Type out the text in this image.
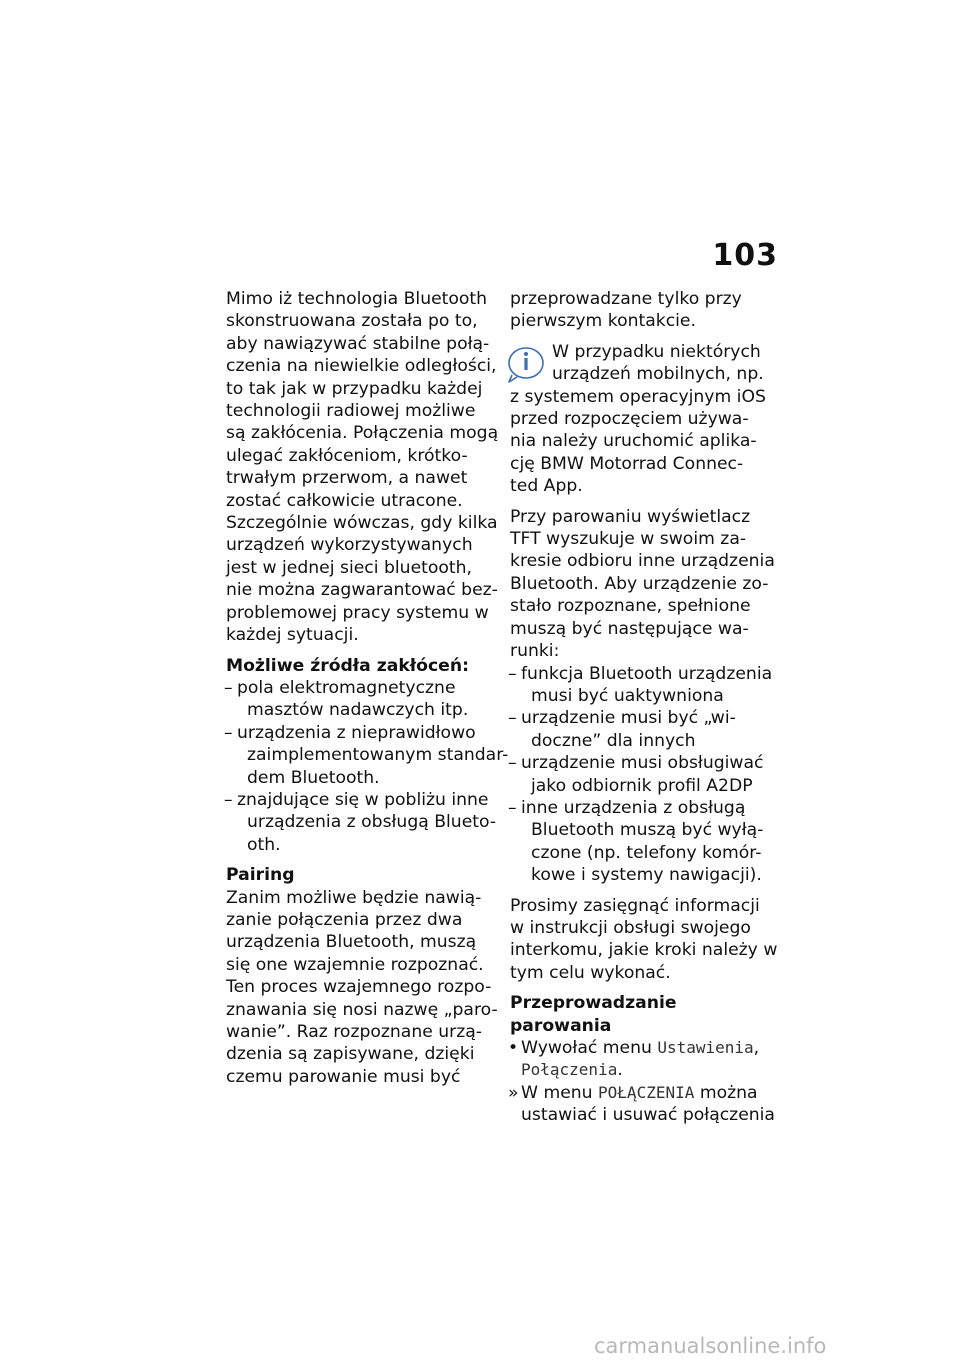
103
Mimo iż technologia Bluetooth
skonstruowana została po to,
aby nawiązywać stabilne połą-
czenia na niewielkie odległości,
to tak jak w przypadku każdej
technologii radiowej możliwe
są zakłócenia. Połączenia mogą
ulegać zakłóceniom, krótko-
trwałym przerwom, a nawet
zostać całkowicie utracone.
Szczególnie wówczas, gdy kilka
urządzeń wykorzystywanych
jest w jednej sieci bluetooth,
nie można zagwarantować bez-
problemowej pracy systemu w
każdej sytuacji.
Możliwe źródła zakłóceń:
– pola elektromagnetyczne
masztów nadawczych itp.
– urządzenia z nieprawidłowo
zaimplementowanym standar-
dem Bluetooth.
– znajdujące się w pobliżu inne
urządzenia z obsługą Blueto-
oth.
Pairing
Zanim możliwe będzie nawią-
zanie połączenia przez dwa
urządzenia Bluetooth, muszą
się one wzajemnie rozpoznać.
Ten proces wzajemnego rozpo-
znawania się nosi nazwę „paro-
wanie”. Raz rozpoznane urzą-
dzenia są zapisywane, dzięki
czemu parowanie musi być
przeprowadzane tylko przy
pierwszym kontakcie.
W przypadku niektórych
urządzeń mobilnych, np.
z systemem operacyjnym iOS
przed rozpoczęciem używa-
nia należy uruchomić aplika-
cję BMW Motorrad Connec-
ted App.
Przy parowaniu wyświetlacz
TFT wyszukuje w swoim za-
kresie odbioru inne urządzenia
Bluetooth. Aby urządzenie zo-
stało rozpoznane, spełnione
muszą być następujące wa-
runki:
– funkcja Bluetooth urządzenia
musi być uaktywniona
– urządzenie musi być „wi-
doczne” dla innych
– urządzenie musi obsługiwać
jako odbiornik profil A2DP
– inne urządzenia z obsługą
Bluetooth muszą być wyłą-
czone (np. telefony komór-
kowe i systemy nawigacji).
Prosimy zasięgnąć informacji
w instrukcji obsługi swojego
interkomu, jakie kroki należy w
tym celu wykonać.
Przeprowadzanie parowania
• Wywołać menu Ustawienia,
Połączenia.
» W menu POŁĄCZENIA można
ustawiać i usuwać połączenia
carmanualsonline.info
